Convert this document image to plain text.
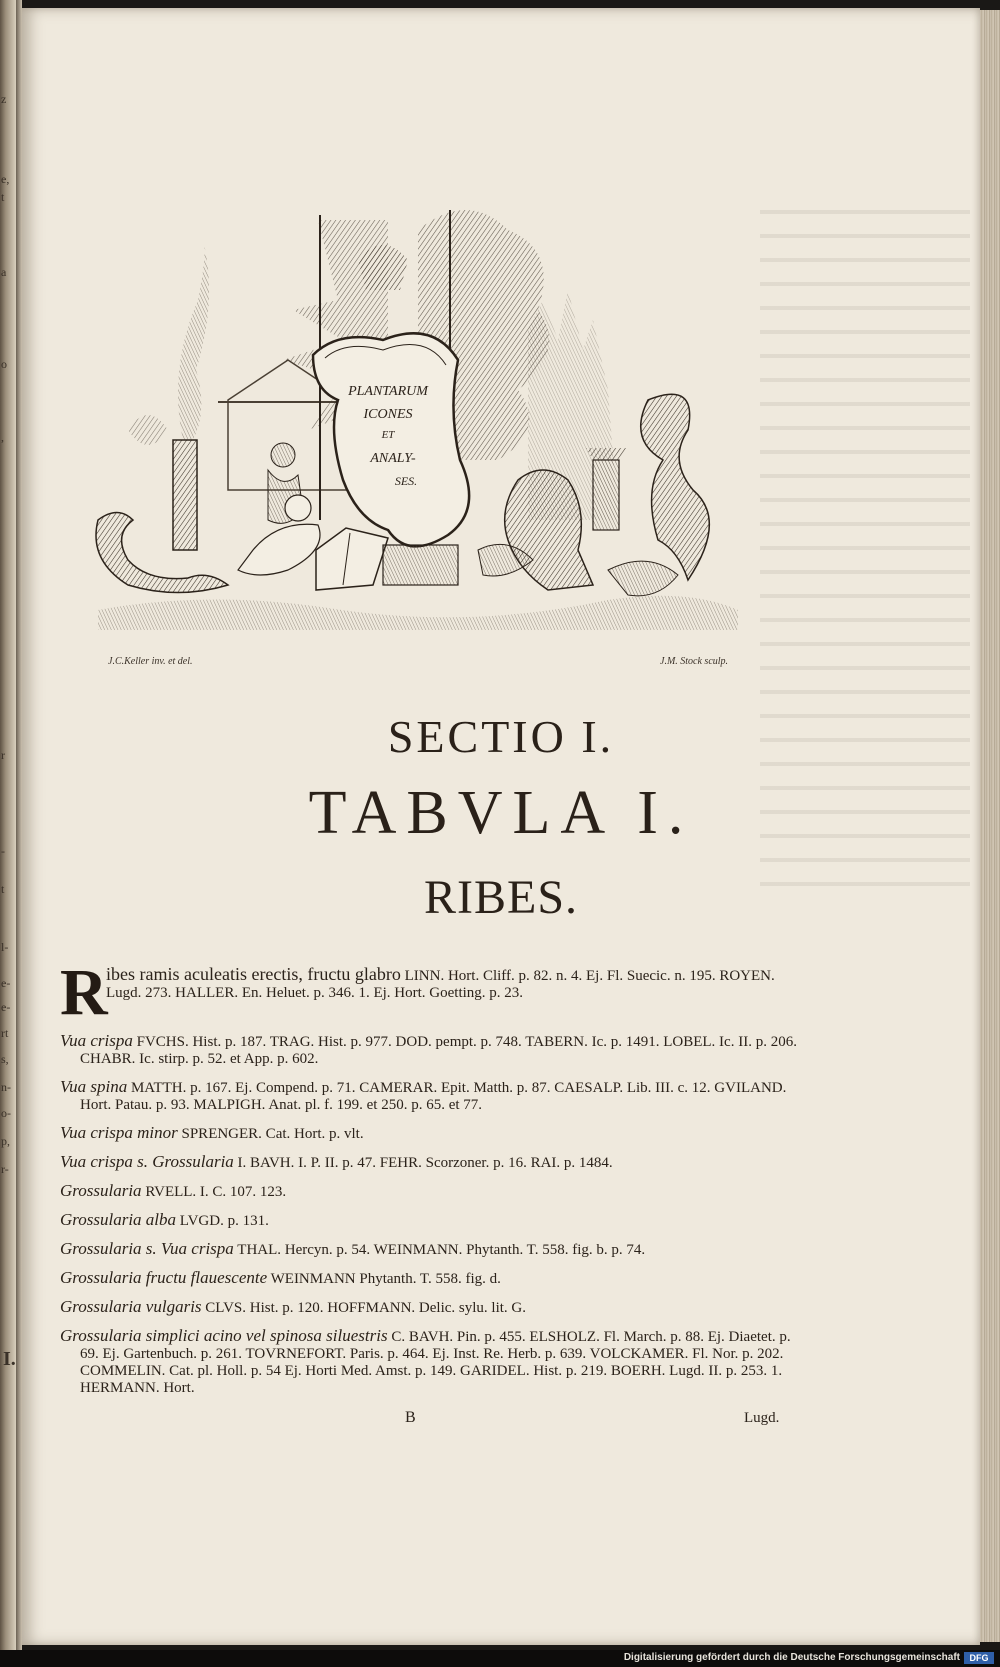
z
e,
t
a
o
,
r
-
t
l-
e-
e-
rt
s,
n-
o-
p,
r-
I.
PLANTARUM
ICONES
ET
ANALY-
SES.
J.C.Keller inv. et del.	J.M. Stock sculp.
SECTIO I.
TABVLA I.
RIBES.
R
ibes ramis aculeatis erectis, fructu glabro LINN. Hort. Cliff. p. 82. n. 4. Ej. Fl. Suecic. n. 195. ROYEN. Lugd. 273. HALLER. En. Heluet. p. 346. 1. Ej. Hort. Goetting. p. 23.
Vua crispa FVCHS. Hist. p. 187. TRAG. Hist. p. 977. DOD. pempt. p. 748. TABERN. Ic. p. 1491. LOBEL. Ic. II. p. 206. CHABR. Ic. stirp. p. 52. et App. p. 602.
Vua spina MATTH. p. 167. Ej. Compend. p. 71. CAMERAR. Epit. Matth. p. 87. CAESALP. Lib. III. c. 12. GVILAND. Hort. Patau. p. 93. MALPIGH. Anat. pl. f. 199. et 250. p. 65. et 77.
Vua crispa minor SPRENGER. Cat. Hort. p. vlt.
Vua crispa s. Grossularia I. BAVH. I. P. II. p. 47. FEHR. Scorzoner. p. 16. RAI. p. 1484.
Grossularia RVELL. I. C. 107. 123.
Grossularia alba LVGD. p. 131.
Grossularia s. Vua crispa THAL. Hercyn. p. 54. WEINMANN. Phytanth. T. 558. fig. b. p. 74.
Grossularia fructu flauescente WEINMANN Phytanth. T. 558. fig. d.
Grossularia vulgaris CLVS. Hist. p. 120. HOFFMANN. Delic. sylu. lit. G.
Grossularia simplici acino vel spinosa siluestris C. BAVH. Pin. p. 455. ELSHOLZ. Fl. March. p. 88. Ej. Diaetet. p. 69. Ej. Gartenbuch. p. 261. TOVRNEFORT. Paris. p. 464. Ej. Inst. Re. Herb. p. 639. VOLCKAMER. Fl. Nor. p. 202. COMMELIN. Cat. pl. Holl. p. 54 Ej. Horti Med. Amst. p. 149. GARIDEL. Hist. p. 219. BOERH. Lugd. II. p. 253. 1. HERMANN. Hort.
B	Lugd.
Digitalisierung gefördert durch die Deutsche Forschungsgemeinschaft	DFG
